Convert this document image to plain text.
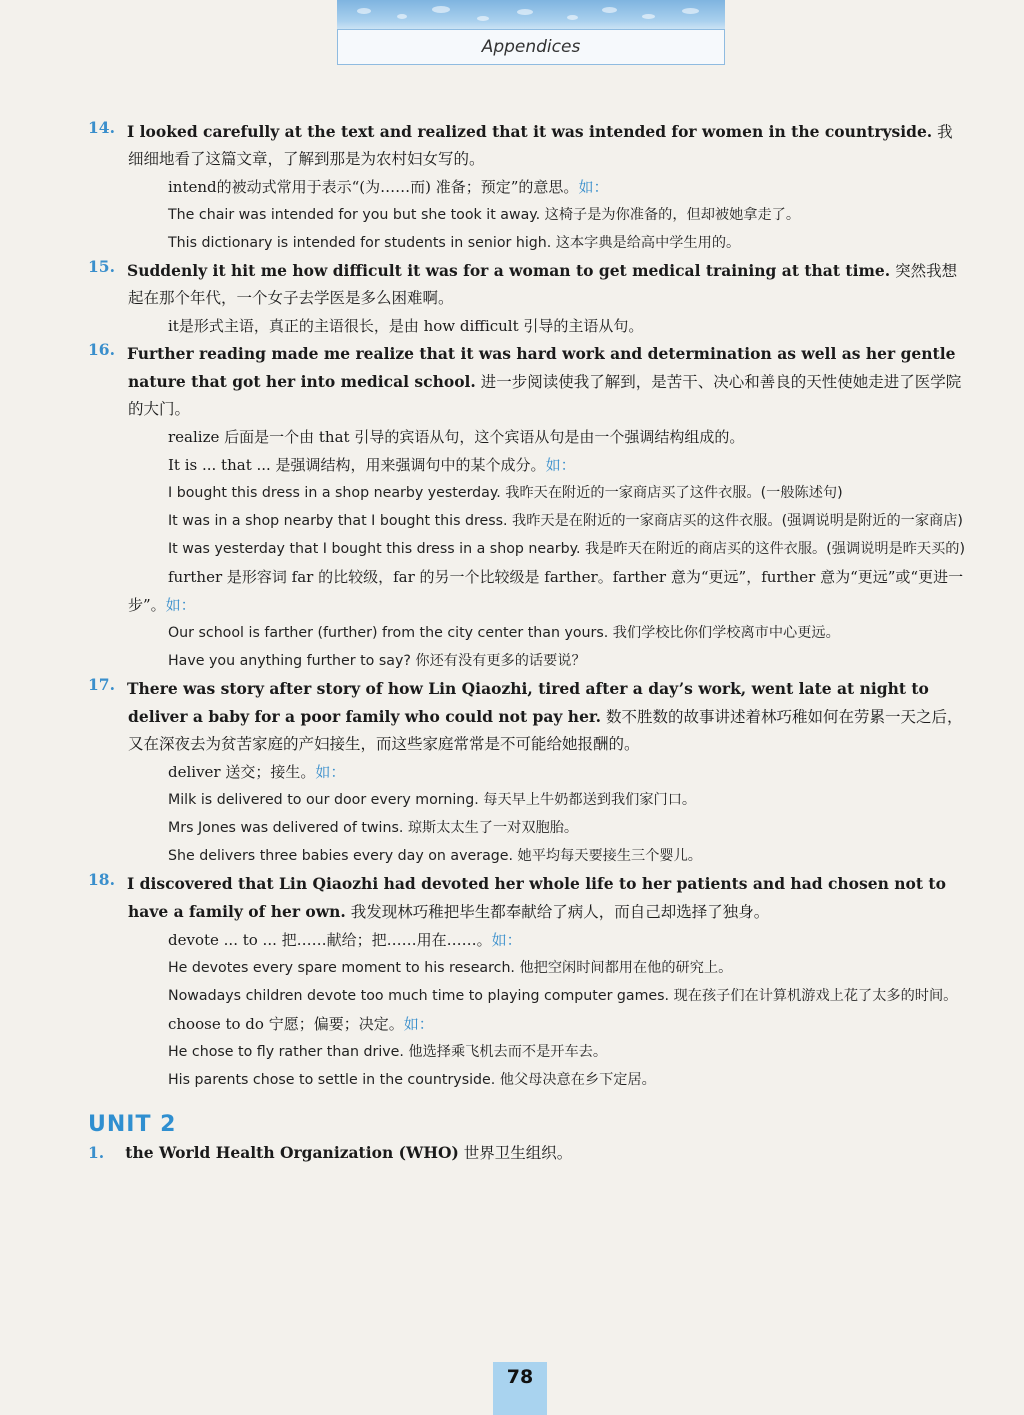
Appendices
14. I looked carefully at the text and realized that it was intended for women in the countryside. 我细细地看了这篇文章，了解到那是为农村妇女写的。
intend的被动式常用于表示“(为……而) 准备；预定”的意思。如：
The chair was intended for you but she took it away. 这椅子是为你准备的，但却被她拿走了。
This dictionary is intended for students in senior high. 这本字典是给高中学生用的。
15. Suddenly it hit me how difficult it was for a woman to get medical training at that time. 突然我想起在那个年代，一个女子去学医是多么困难啊。
it是形式主语，真正的主语很长，是由 how difficult 引导的主语从句。
16. Further reading made me realize that it was hard work and determination as well as her gentle nature that got her into medical school. 进一步阅读使我了解到，是苦干、决心和善良的天性使她走进了医学院的大门。
realize 后面是一个由 that 引导的宾语从句，这个宾语从句是由一个强调结构组成的。
It is ... that ... 是强调结构，用来强调句中的某个成分。如：
I bought this dress in a shop nearby yesterday. 我昨天在附近的一家商店买了这件衣服。(一般陈述句)
It was in a shop nearby that I bought this dress. 我昨天是在附近的一家商店买的这件衣服。(强调说明是附近的一家商店)
It was yesterday that I bought this dress in a shop nearby. 我是昨天在附近的商店买的这件衣服。(强调说明是昨天买的)
further 是形容词 far 的比较级，far 的另一个比较级是 farther。farther 意为“更远”，further 意为“更远”或“更进一步”。如：
Our school is farther (further) from the city center than yours. 我们学校比你们学校离市中心更远。
Have you anything further to say? 你还有没有更多的话要说？
17. There was story after story of how Lin Qiaozhi, tired after a day’s work, went late at night to deliver a baby for a poor family who could not pay her. 数不胜数的故事讲述着林巧稚如何在劳累一天之后，又在深夜去为贫苦家庭的产妇接生，而这些家庭常常是不可能给她报酬的。
deliver 送交；接生。如：
Milk is delivered to our door every morning. 每天早上牛奶都送到我们家门口。
Mrs Jones was delivered of twins. 琼斯太太生了一对双胞胎。
She delivers three babies every day on average. 她平均每天要接生三个婴儿。
18. I discovered that Lin Qiaozhi had devoted her whole life to her patients and had chosen not to have a family of her own. 我发现林巧稚把毕生都奉献给了病人，而自己却选择了独身。
devote ... to ... 把……献给；把……用在……。如：
He devotes every spare moment to his research. 他把空闲时间都用在他的研究上。
Nowadays children devote too much time to playing computer games. 现在孩子们在计算机游戏上花了太多的时间。
choose to do 宁愿；偏要；决定。如：
He chose to fly rather than drive. 他选择乘飞机去而不是开车去。
His parents chose to settle in the countryside. 他父母决意在乡下定居。
UNIT 2
1. the World Health Organization (WHO) 世界卫生组织。
78
